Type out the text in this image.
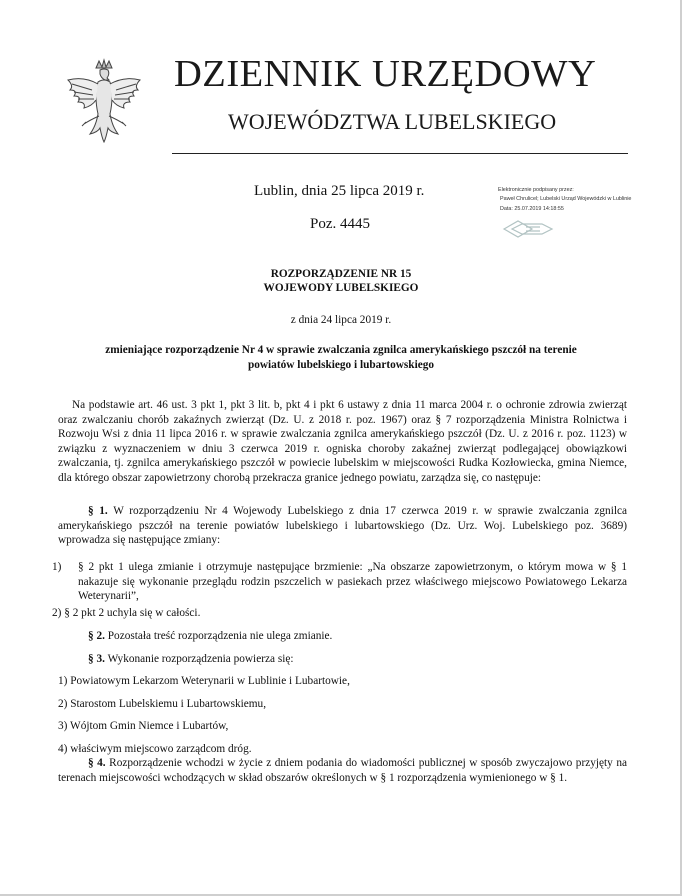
DZIENNIK URZĘDOWY
WOJEWÓDZTWA LUBELSKIEGO
Lublin, dnia 25 lipca 2019 r.
Poz. 4445
Elektronicznie podpisany przez:
Paweł Chrulicel; Lubelski Urząd Wojewódzki w Lublinie
Data: 25.07.2019 14:18:55
ROZPORZĄDZENIE NR 15
WOJEWODY LUBELSKIEGO
z dnia 24 lipca 2019 r.
zmieniające rozporządzenie Nr 4 w sprawie zwalczania zgnilca amerykańskiego pszczół na terenie
powiatów lubelskiego i lubartowskiego
Na podstawie art. 46 ust. 3 pkt 1, pkt 3 lit. b, pkt 4 i pkt 6 ustawy z dnia 11 marca 2004 r. o ochronie zdrowia zwierząt oraz zwalczaniu chorób zakaźnych zwierząt (Dz. U. z 2018 r. poz. 1967) oraz § 7 rozporządzenia Ministra Rolnictwa i Rozwoju Wsi z dnia 11 lipca 2016 r. w sprawie zwalczania zgnilca amerykańskiego pszczół (Dz. U. z 2016 r. poz. 1123) w związku z wyznaczeniem w dniu 3 czerwca 2019 r. ogniska choroby zakaźnej zwierząt podlegającej obowiązkowi zwalczania, tj. zgnilca amerykańskiego pszczół w powiecie lubelskim w miejscowości Rudka Kozłowiecka, gmina Niemce, dla którego obszar zapowietrzony chorobą przekracza granice jednego powiatu, zarządza się, co następuje:
§ 1. W rozporządzeniu Nr 4 Wojewody Lubelskiego z dnia 17 czerwca 2019 r. w sprawie zwalczania zgnilca amerykańskiego pszczół na terenie powiatów lubelskiego i lubartowskiego (Dz. Urz. Woj. Lubelskiego poz. 3689) wprowadza się następujące zmiany:
1) § 2 pkt 1 ulega zmianie i otrzymuje następujące brzmienie: „Na obszarze zapowietrzonym, o którym mowa w § 1 nakazuje się wykonanie przeglądu rodzin pszczelich w pasiekach przez właściwego miejscowo Powiatowego Lekarza Weterynarii”,
2) § 2 pkt 2 uchyla się w całości.
§ 2. Pozostała treść rozporządzenia nie ulega zmianie.
§ 3. Wykonanie rozporządzenia powierza się:
1) Powiatowym Lekarzom Weterynarii w Lublinie i Lubartowie,
2) Starostom Lubelskiemu i Lubartowskiemu,
3) Wójtom Gmin Niemce i Lubartów,
4) właściwym miejscowo zarządcom dróg.
§ 4. Rozporządzenie wchodzi w życie z dniem podania do wiadomości publicznej w sposób zwyczajowo przyjęty na terenach miejscowości wchodzących w skład obszarów określonych w § 1 rozporządzenia wymienionego w § 1.
